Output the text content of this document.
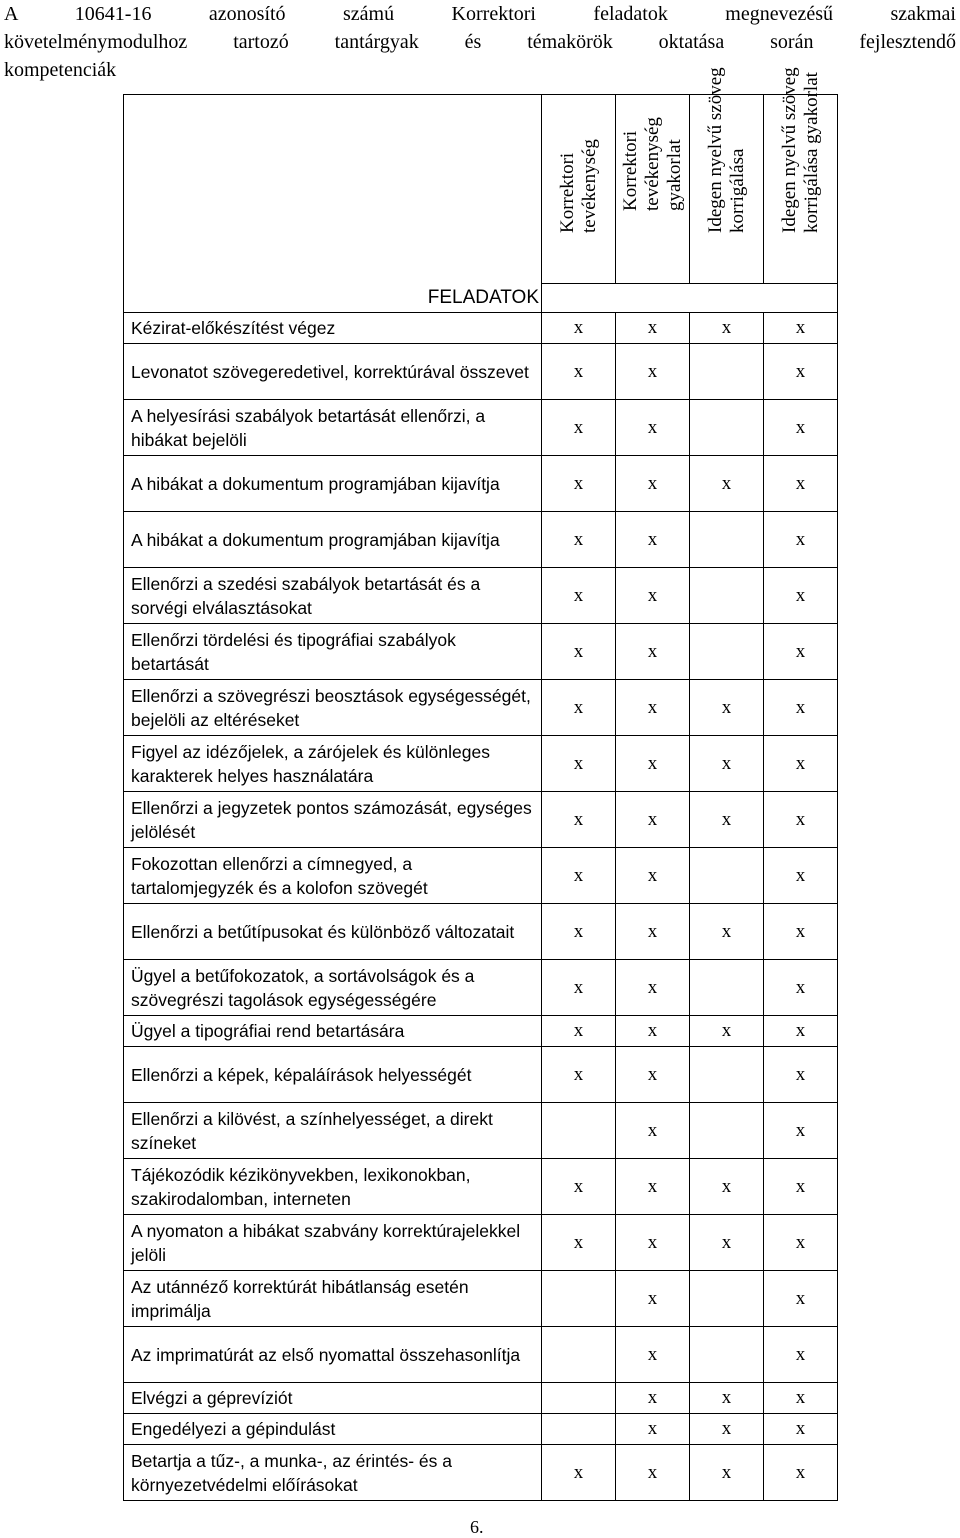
A 10641-16 azonosító számú Korrektori feladatok megnevezésű szakmai
követelménymodulhoz tartozó tantárgyak és témakörök oktatása során fejlesztendő
kompetenciák

	Korrektori tevékenység	Korrektori tevékenység gyakorlat	Idegen nyelvű szöveg korrigálása	Idegen nyelvű szöveg korrigálása gyakorlat

FELADATOK				
Kézirat-előkészítést végez	x	x	x	x
Levonatot szövegeredetivel, korrektúrával összevet	x	x		x
A helyesírási szabályok betartását ellenőrzi, a hibákat bejelöli	x	x		x
A hibákat a dokumentum programjában kijavítja	x	x	x	x
A hibákat a dokumentum programjában kijavítja	x	x		x
Ellenőrzi a szedési szabályok betartását és a sorvégi elválasztásokat	x	x		x
Ellenőrzi tördelési és tipográfiai szabályok betartását	x	x		x
Ellenőrzi a szövegrészi beosztások egységességét, bejelöli az eltéréseket	x	x	x	x
Figyel az idézőjelek, a zárójelek és különleges karakterek helyes használatára	x	x	x	x
Ellenőrzi a jegyzetek pontos számozását, egységes jelölését	x	x	x	x
Fokozottan ellenőrzi a címnegyed, a tartalomjegyzék és a kolofon szövegét	x	x		x
Ellenőrzi a betűtípusokat és különböző változatait	x	x	x	x
Ügyel a betűfokozatok, a sortávolságok és a szövegrészi tagolások egységességére	x	x		x
Ügyel a tipográfiai rend betartására	x	x	x	x
Ellenőrzi a képek, képaláírások helyességét	x	x		x
Ellenőrzi a kilövést, a színhelyességet, a direkt színeket		x		x
Tájékozódik kézikönyvekben, lexikonokban, szakirodalomban, interneten	x	x	x	x
A nyomaton a hibákat szabvány korrektúrajelekkel jelöli	x	x	x	x
Az utánnéző korrektúrát hibátlanság esetén imprimálja		x		x
Az imprimatúrát az első nyomattal összehasonlítja		x		x
Elvégzi a géprevíziót		x	x	x
Engedélyezi a gépindulást		x	x	x
Betartja a tűz-, a munka-, az érintés- és a környezetvédelmi előírásokat	x	x	x	x
6.
